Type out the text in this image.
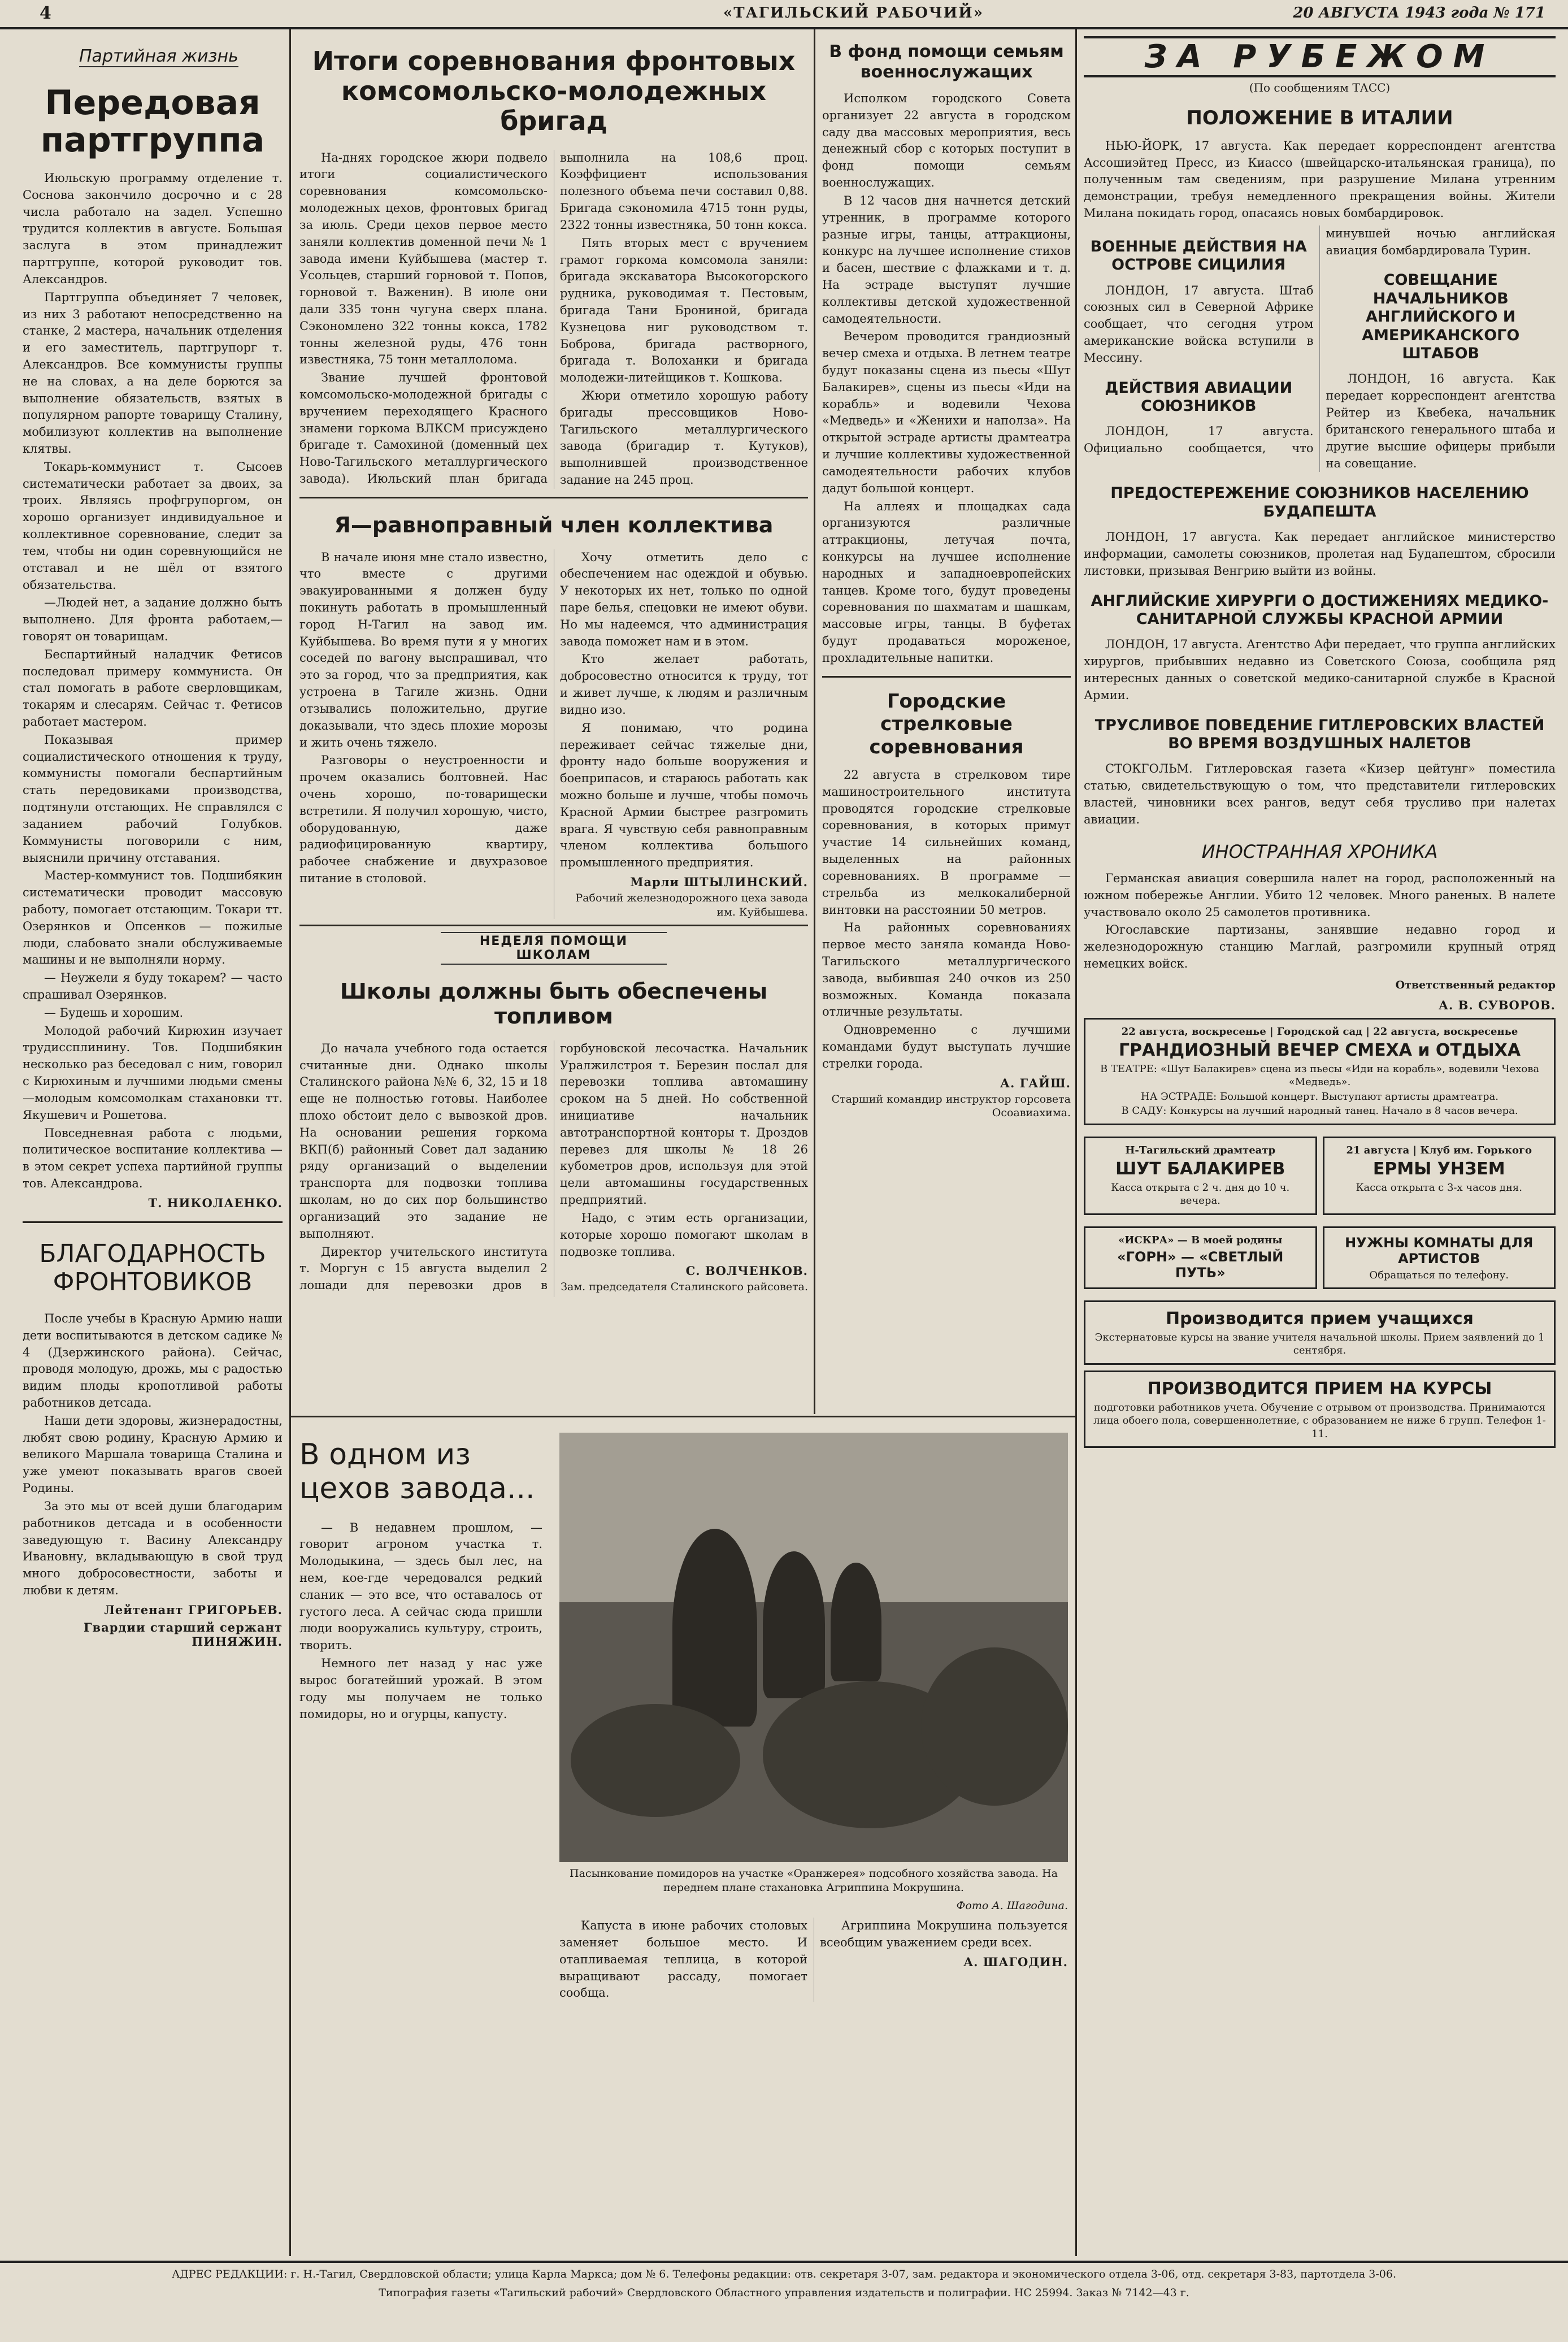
4	«ТАГИЛЬСКИЙ РАБОЧИЙ»	20 АВГУСТА 1943 года № 171
Партийная жизнь
Передовая партгруппа

Июльскую программу отделение т. Соснова закончило досрочно и с 28 числа работало на задел. Успешно трудится коллектив в августе. Большая заслуга в этом принадлежит партгруппе, которой руководит тов. Александров.

Партгруппа объединяет 7 человек, из них 3 работают непосредственно на станке, 2 мастера, начальник отделения и его заместитель, партгрупорг т. Александров. Все коммунисты группы не на словах, а на деле борются за выполнение обязательств, взятых в популярном рапорте товарищу Сталину, мобилизуют коллектив на выполнение клятвы.

Токарь-коммунист т. Сысоев систематически работает за двоих, за троих. Являясь профгрупоргом, он хорошо организует индивидуальное и коллективное соревнование, следит за тем, чтобы ни один соревнующийся не отставал и не шёл от взятого обязательства.

—Людей нет, а задание должно быть выполнено. Для фронта работаем,—говорят он товарищам.

Беспартийный наладчик Фетисов последовал примеру коммуниста. Он стал помогать в работе сверловщикам, токарям и слесарям. Сейчас т. Фетисов работает мастером.

Показывая пример социалистического отношения к труду, коммунисты помогали беспартийным стать передовиками производства, подтянули отстающих. Не справлялся с заданием рабочий Голубков. Коммунисты поговорили с ним, выяснили причину отставания.

Мастер-коммунист тов. Подшибякин систематически проводит массовую работу, помогает отстающим. Токари тт. Озерянков и Опсенков — пожилые люди, слабовато знали обслуживаемые машины и не выполняли норму.

— Неужели я буду токарем? — часто спрашивал Озерянков.

— Будешь и хорошим.

Молодой рабочий Кирюхин изучает трудиссплинину. Тов. Подшибякин несколько раз беседовал с ним, говорил с Кирюхиным и лучшими людьми смены —молодым комсомолкам стахановки тт. Якушевич и Рошетова.

Повседневная работа с людьми, политическое воспитание коллектива — в этом секрет успеха партийной группы тов. Александрова.

Т. НИКОЛАЕНКО.
БЛАГОДАРНОСТЬ ФРОНТОВИКОВ

После учебы в Красную Армию наши дети воспитываются в детском садике № 4 (Дзержинского района). Сейчас, проводя молодую, дрожь, мы с радостью видим плоды кропотливой работы работников детсада.

Наши дети здоровы, жизнерадостны, любят свою родину, Красную Армию и великого Маршала товарища Сталина и уже умеют показывать врагов своей Родины.

За это мы от всей души благодарим работников детсада и в особенности заведующую т. Васину Александру Ивановну, вкладывающую в свой труд много добросовестности, заботы и любви к детям.

Лейтенант ГРИГОРЬЕВ.
Гвардии старший сержант ПИНЯЖИН.
Итоги соревнования фронтовых комсомольско-молодежных бригад

На-днях городское жюри подвело итоги социалистического соревнования комсомольско-молодежных цехов, фронтовых бригад за июль. Среди цехов первое место заняли коллектив доменной печи № 1 завода имени Куйбышева (мастер т. Усольцев, старший горновой т. Попов, горновой т. Важенин). В июле они дали 335 тонн чугуна сверх плана. Сэкономлено 322 тонны кокса, 1782 тонны железной руды, 476 тонн известняка, 75 тонн металлолома.

Звание лучшей фронтовой комсомольско-молодежной бригады с вручением переходящего Красного знамени горкома ВЛКСМ присуждено бригаде т. Самохиной (доменный цех Ново-Тагильского металлургического завода). Июльский план бригада выполнила на 108,6 проц. Коэффициент использования полезного объема печи составил 0,88. Бригада сэкономила 4715 тонн руды, 2322 тонны известняка, 50 тонн кокса.

Пять вторых мест с вручением грамот горкома комсомола заняли: бригада экскаватора Высокогорского рудника, руководимая т. Пестовым, бригада Тани Брониной, бригада Кузнецова ниг руководством т. Боброва, бригада растворного, бригада т. Волоханки и бригада молодежи-литейщиков т. Кошкова.

Жюри отметило хорошую работу бригады прессовщиков Ново-Тагильского металлургического завода (бригадир т. Кутуков), выполнившей производственное задание на 245 проц.

Я—равноправный член коллектива

В начале июня мне стало известно, что вместе с другими эвакуированными я должен буду покинуть работать в промышленный город Н-Тагил на завод им. Куйбышева. Во время пути я у многих соседей по вагону выспрашивал, что это за город, что за предприятия, как устроена в Тагиле жизнь. Одни отзывались положительно, другие доказывали, что здесь плохие морозы и жить очень тяжело.

Разговоры о неустроенности и прочем оказались болтовней. Нас очень хорошо, по-товарищески встретили. Я получил хорошую, чисто, оборудованную, даже радиофицированную квартиру, рабочее снабжение и двухразовое питание в столовой.

Хочу отметить дело с обеспечением нас одеждой и обувью. У некоторых их нет, только по одной паре белья, спецовки не имеют обуви. Но мы надеемся, что администрация завода поможет нам и в этом.

Кто желает работать, добросовестно относится к труду, тот и живет лучше, к людям и различным видно изо.

Я понимаю, что родина переживает сейчас тяжелые дни, фронту надо больше вооружения и боеприпасов, и стараюсь работать как можно больше и лучше, чтобы помочь Красной Армии быстрее разгромить врага. Я чувствую себя равноправным членом коллектива большого промышленного предприятия.

Марли ШТЫЛИНСКИЙ.
Рабочий железнодорожного цеха завода им. Куйбышева.
НЕДЕЛЯ ПОМОЩИ ШКОЛАМ
Школы должны быть обеспечены топливом

До начала учебного года остается считанные дни. Однако школы Сталинского района №№ 6, 32, 15 и 18 еще не полностью готовы. Наиболее плохо обстоит дело с вывозкой дров. На основании решения горкома ВКП(б) районный Совет дал заданию ряду организаций о выделении транспорта для подвозки топлива школам, но до сих пор большинство организаций это задание не выполняют.

Директор учительского института т. Моргун с 15 августа выделил 2 лошади для перевозки дров в горбуновской лесочастка. Начальник Уралжилстроя т. Березин послал для перевозки топлива автомашину сроком на 5 дней. Но собственной инициативе начальник автотранспортной конторы т. Дроздов перевез для школы № 18 26 кубометров дров, используя для этой цели автомашины государственных предприятий.

Надо, с этим есть организации, которые хорошо помогают школам в подвозке топлива.

С. ВОЛЧЕНКОВ.
Зам. председателя Сталинского райсовета.
В фонд помощи семьям военнослужащих

Исполком городского Совета организует 22 августа в городском саду два массовых мероприятия, весь денежный сбор с которых поступит в фонд помощи семьям военнослужащих.

В 12 часов дня начнется детский утренник, в программе которого разные игры, танцы, аттракционы, конкурс на лучшее исполнение стихов и басен, шествие с флажками и т. д. На эстраде выступят лучшие коллективы детской художественной самодеятельности.

Вечером проводится грандиозный вечер смеха и отдыха. В летнем театре будут показаны сцена из пьесы «Шут Балакирев», сцены из пьесы «Иди на корабль» и водевили Чехова «Медведь» и «Женихи и наполза». На открытой эстраде артисты драмтеатра и лучшие коллективы художественной самодеятельности рабочих клубов дадут большой концерт.

На аллеях и площадках сада организуются различные аттракционы, летучая почта, конкурсы на лучшее исполнение народных и западноевропейских танцев. Кроме того, будут проведены соревнования по шахматам и шашкам, массовые игры, танцы. В буфетах будут продаваться мороженое, прохладительные напитки.

Городские стрелковые соревнования

22 августа в стрелковом тире машиностроительного института проводятся городские стрелковые соревнования, в которых примут участие 14 сильнейших команд, выделенных на районных соревнованиях. В программе — стрельба из мелкокалиберной винтовки на расстоянии 50 метров.

На районных соревнованиях первое место заняла команда Ново-Тагильского металлургического завода, выбившая 240 очков из 250 возможных. Команда показала отличные результаты.

Одновременно с лучшими командами будут выступать лучшие стрелки города.

А. ГАЙШ.
Старший командир инструктор горсовета Осоавиахима.
В одном из цехов завода...

— В недавнем прошлом, — говорит агроном участка т. Молодыкина, — здесь был лес, на нем, кое-где чередовался редкий сланик — это все, что оставалось от густого леса. А сейчас сюда пришли люди вооружались культуру, строить, творить.

Немного лет назад у нас уже вырос богатейший урожай. В этом году мы получаем не только помидоры, но и огурцы, капусту.

Пасынкование помидоров на участке «Оранжерея» подсобного хозяйства завода. На переднем плане стахановка Агриппина Мокрушина.

Фото А. Шагодина.

Капуста в июне рабочих столовых заменяет большое место. И отапливаемая теплица, в которой выращивают рассаду, помогает сообща.

Агриппина Мокрушина пользуется всеобщим уважением среди всех.

А. ШАГОДИН.
ЗА РУБЕЖОМ
(По сообщениям ТАСС)
ПОЛОЖЕНИЕ В ИТАЛИИ

НЬЮ-ЙОРК, 17 августа. Как передает корреспондент агентства Ассошиэйтед Пресс, из Киассо (швейцарско-итальянская граница), по полученным там сведениям, при разрушение Милана утренним демонстрации, требуя немедленного прекращения войны. Жители Милана покидать город, опасаясь новых бомбардировок.

ВОЕННЫЕ ДЕЙСТВИЯ НА ОСТРОВЕ СИЦИЛИЯ

ЛОНДОН, 17 августа. Штаб союзных сил в Северной Африке сообщает, что сегодня утром американские войска вступили в Мессину.

ДЕЙСТВИЯ АВИАЦИИ СОЮЗНИКОВ

ЛОНДОН, 17 августа. Официально сообщается, что минувшей ночью английская авиация бомбардировала Турин.

СОВЕЩАНИЕ НАЧАЛЬНИКОВ АНГЛИЙСКОГО И АМЕРИКАНСКОГО ШТАБОВ

ЛОНДОН, 16 августа. Как передает корреспондент агентства Рейтер из Квебека, начальник британского генерального штаба и другие высшие офицеры прибыли на совещание.

ПРЕДОСТЕРЕЖЕНИЕ СОЮЗНИКОВ НАСЕЛЕНИЮ БУДАПЕШТА

ЛОНДОН, 17 августа. Как передает английское министерство информации, самолеты союзников, пролетая над Будапештом, сбросили листовки, призывая Венгрию выйти из войны.

АНГЛИЙСКИЕ ХИРУРГИ О ДОСТИЖЕНИЯХ МЕДИКО-САНИТАРНОЙ СЛУЖБЫ КРАСНОЙ АРМИИ

ЛОНДОН, 17 августа. Агентство Афи передает, что группа английских хирургов, прибывших недавно из Советского Союза, сообщила ряд интересных данных о советской медико-санитарной службе в Красной Армии.

ТРУСЛИВОЕ ПОВЕДЕНИЕ ГИТЛЕРОВСКИХ ВЛАСТЕЙ ВО ВРЕМЯ ВОЗДУШНЫХ НАЛЕТОВ

СТОКГОЛЬМ. Гитлеровская газета «Кизер цейтунг» поместила статью, свидетельствующую о том, что представители гитлеровских властей, чиновники всех рангов, ведут себя трусливо при налетах авиации.

ИНОСТРАННАЯ ХРОНИКА

Германская авиация совершила налет на город, расположенный на южном побережье Англии. Убито 12 человек. Много раненых. В налете участвовало около 25 самолетов противника.

Югославские партизаны, занявшие недавно город и железнодорожную станцию Маглай, разгромили крупный отряд немецких войск.

Ответственный редактор
А. В. СУВОРОВ.

22 августа, воскресенье | Городской сад | 22 августа, воскресенье

ГРАНДИОЗНЫЙ ВЕЧЕР СМЕХА и ОТДЫХА

В ТЕАТРЕ: «Шут Балакирев» сцена из пьесы «Иди на корабль», водевили Чехова «Медведь».

НА ЭСТРАДЕ: Большой концерт. Выступают артисты драмтеатра.

В САДУ: Конкурсы на лучший народный танец. Начало в 8 часов вечера.

Н-Тагильский драмтеатр

ШУТ БАЛАКИРЕВ

Касса открыта с 2 ч. дня до 10 ч. вечера.

21 августа | Клуб им. Горького

ЕРМЫ УНЗЕМ

Касса открыта с 3-х часов дня.

«ИСКРА» — В моей родины

«ГОРН» — «СВЕТЛЫЙ ПУТЬ»
НУЖНЫ КОМНАТЫ ДЛЯ АРТИСТОВ

Обращаться по телефону.

Производится прием учащихся

Экстернатовые курсы на звание учителя начальной школы. Прием заявлений до 1 сентября.

ПРОИЗВОДИТСЯ ПРИЕМ НА КУРСЫ

подготовки работников учета. Обучение с отрывом от производства. Принимаются лица обоего пола, совершеннолетние, с образованием не ниже 6 групп. Телефон 1-11.

АДРЕС РЕДАКЦИИ: г. Н.-Тагил, Свердловской области; улица Карла Маркса; дом № 6. Телефоны редакции: отв. секретаря 3-07, зам. редактора и экономического отдела 3-06, отд. секретаря 3-83, партотдела 3-06.

Типография газеты «Тагильский рабочий» Свердловского Областного управления издательств и полиграфии. НС 25994. Заказ № 7142—43 г.
